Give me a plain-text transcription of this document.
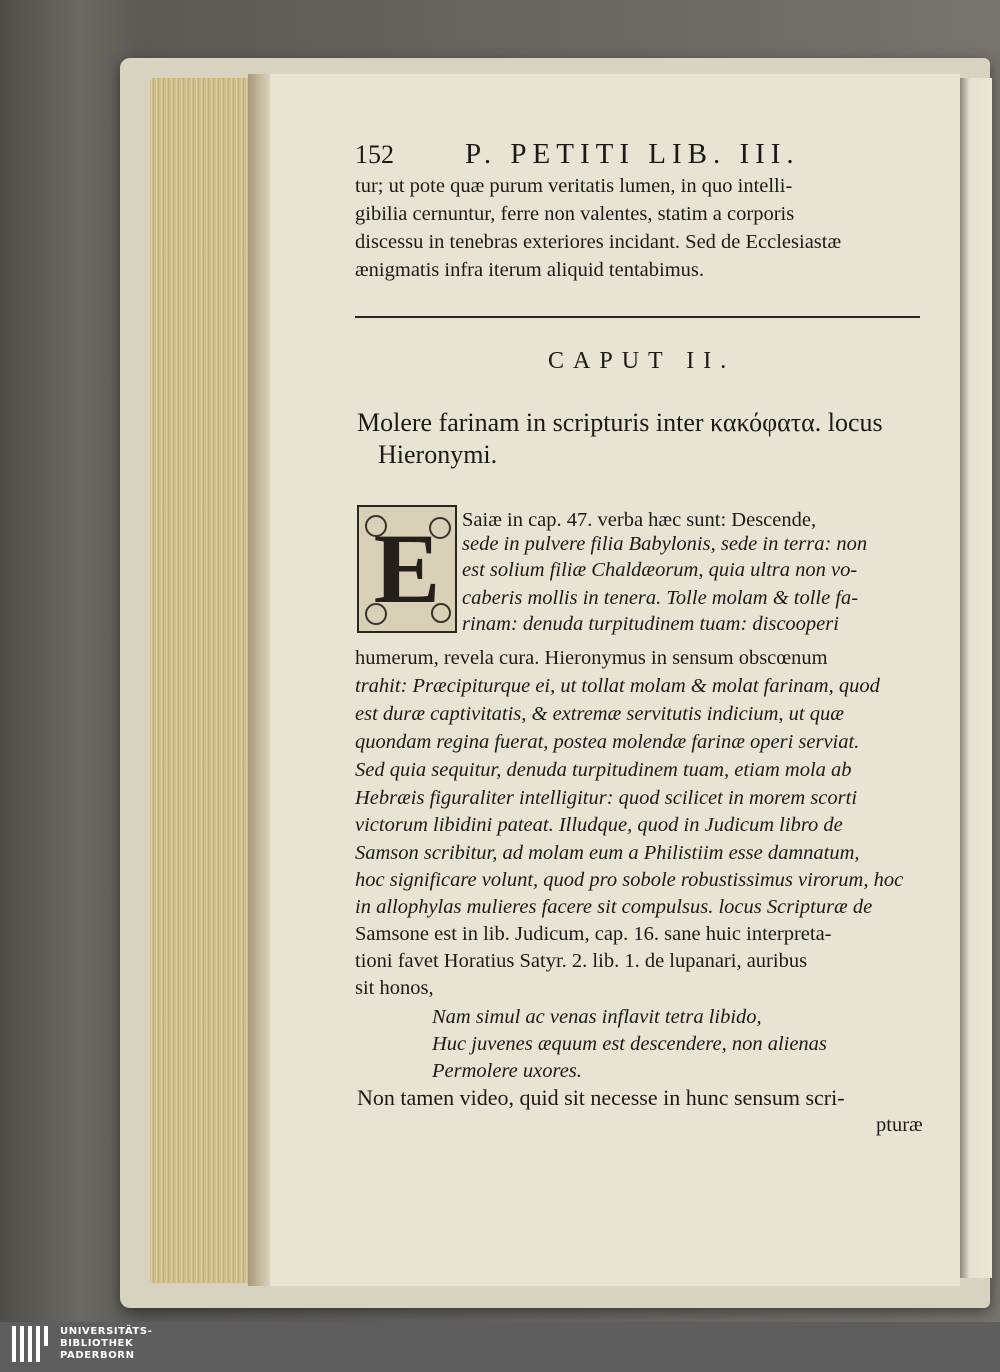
152 P. PETITI LIB. III.
tur; ut pote quæ purum veritatis lumen, in quo intelli-
gibilia cernuntur, ferre non valentes, statim a corporis
discessu in tenebras exteriores incidant. Sed de Ecclesiastæ
ænigmatis infra iterum aliquid tentabimus.
CAPUT II.
Molere farinam in scripturis inter κακόφατα. locus
Hieronymi.
E	Saiæ in cap. 47. verba hæc sunt: Descende,
sede in pulvere filia Babylonis, sede in terra: non
est solium filiæ Chaldæorum, quia ultra non vo-
caberis mollis in tenera. Tolle molam & tolle fa-
rinam: denuda turpitudinem tuam: discooperi
humerum, revela cura. Hieronymus in sensum obscœnum
trahit: Præcipiturque ei, ut tollat molam & molat farinam, quod
est duræ captivitatis, & extremæ servitutis indicium, ut quæ
quondam regina fuerat, postea molendæ farinæ operi serviat.
Sed quia sequitur, denuda turpitudinem tuam, etiam mola ab
Hebræis figuraliter intelligitur: quod scilicet in morem scorti
victorum libidini pateat. Illudque, quod in Judicum libro de
Samson scribitur, ad molam eum a Philistiim esse damnatum,
hoc significare volunt, quod pro sobole robustissimus virorum, hoc
in allophylas mulieres facere sit compulsus. locus Scripturæ de
Samsone est in lib. Judicum, cap. 16. sane huic interpreta-
tioni favet Horatius Satyr. 2. lib. 1. de lupanari, auribus
sit honos,
Nam simul ac venas inflavit tetra libido,
Huc juvenes æquum est descendere, non alienas
Permolere uxores.
Non tamen video, quid sit necesse in hunc sensum scri-
pturæ
UNIVERSITÄTS-
BIBLIOTHEK
PADERBORN
